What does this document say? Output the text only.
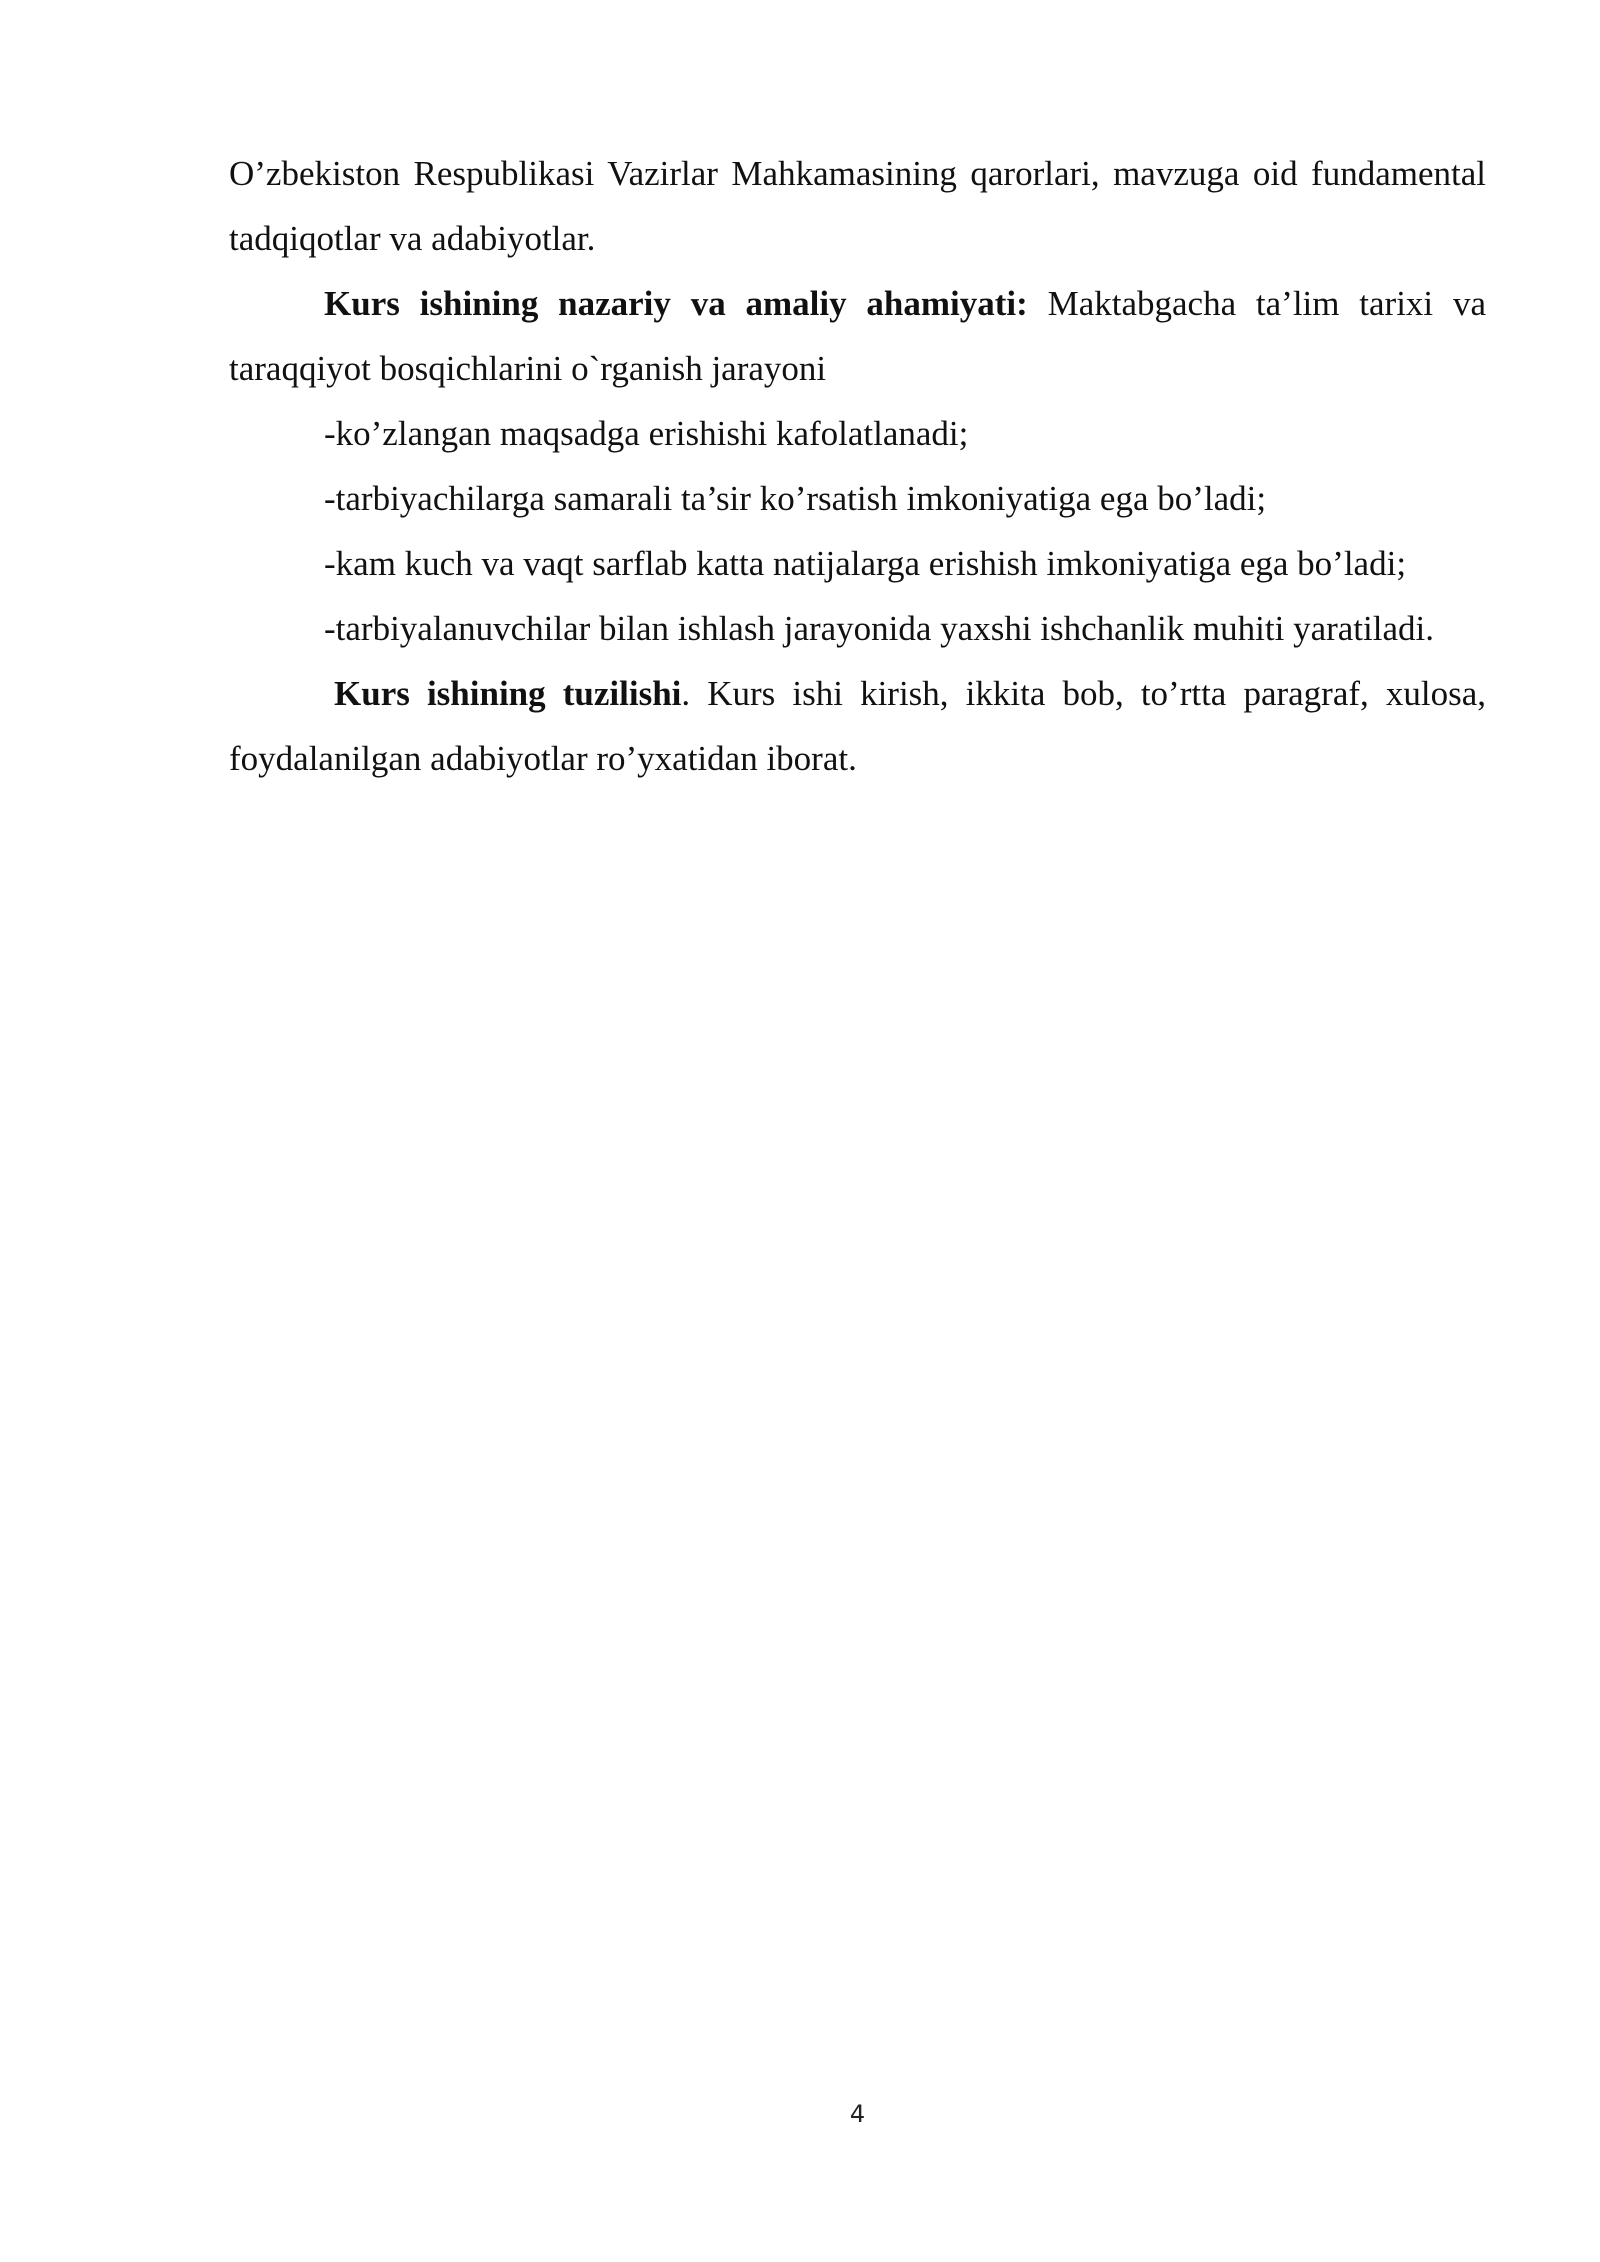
O’zbekiston Respublikasi Vazirlar Mahkamasining qarorlari, mavzuga oid fundamental tadqiqotlar va adabiyotlar.

Kurs ishining nazariy va amaliy ahamiyati: Maktabgacha ta’lim tarixi va taraqqiyot bosqichlarini o`rganish jarayoni

-ko’zlangan maqsadga erishishi kafolatlanadi;

-tarbiyachilarga samarali ta’sir ko’rsatish imkoniyatiga ega bo’ladi;

-kam kuch va vaqt sarflab katta natijalarga erishish imkoniyatiga ega bo’ladi;

-tarbiyalanuvchilar bilan ishlash jarayonida yaxshi ishchanlik muhiti yaratiladi.

Kurs ishining tuzilishi. Kurs ishi kirish, ikkita bob, to’rtta paragraf, xulosa, foydalanilgan adabiyotlar ro’yxatidan iborat.

4
